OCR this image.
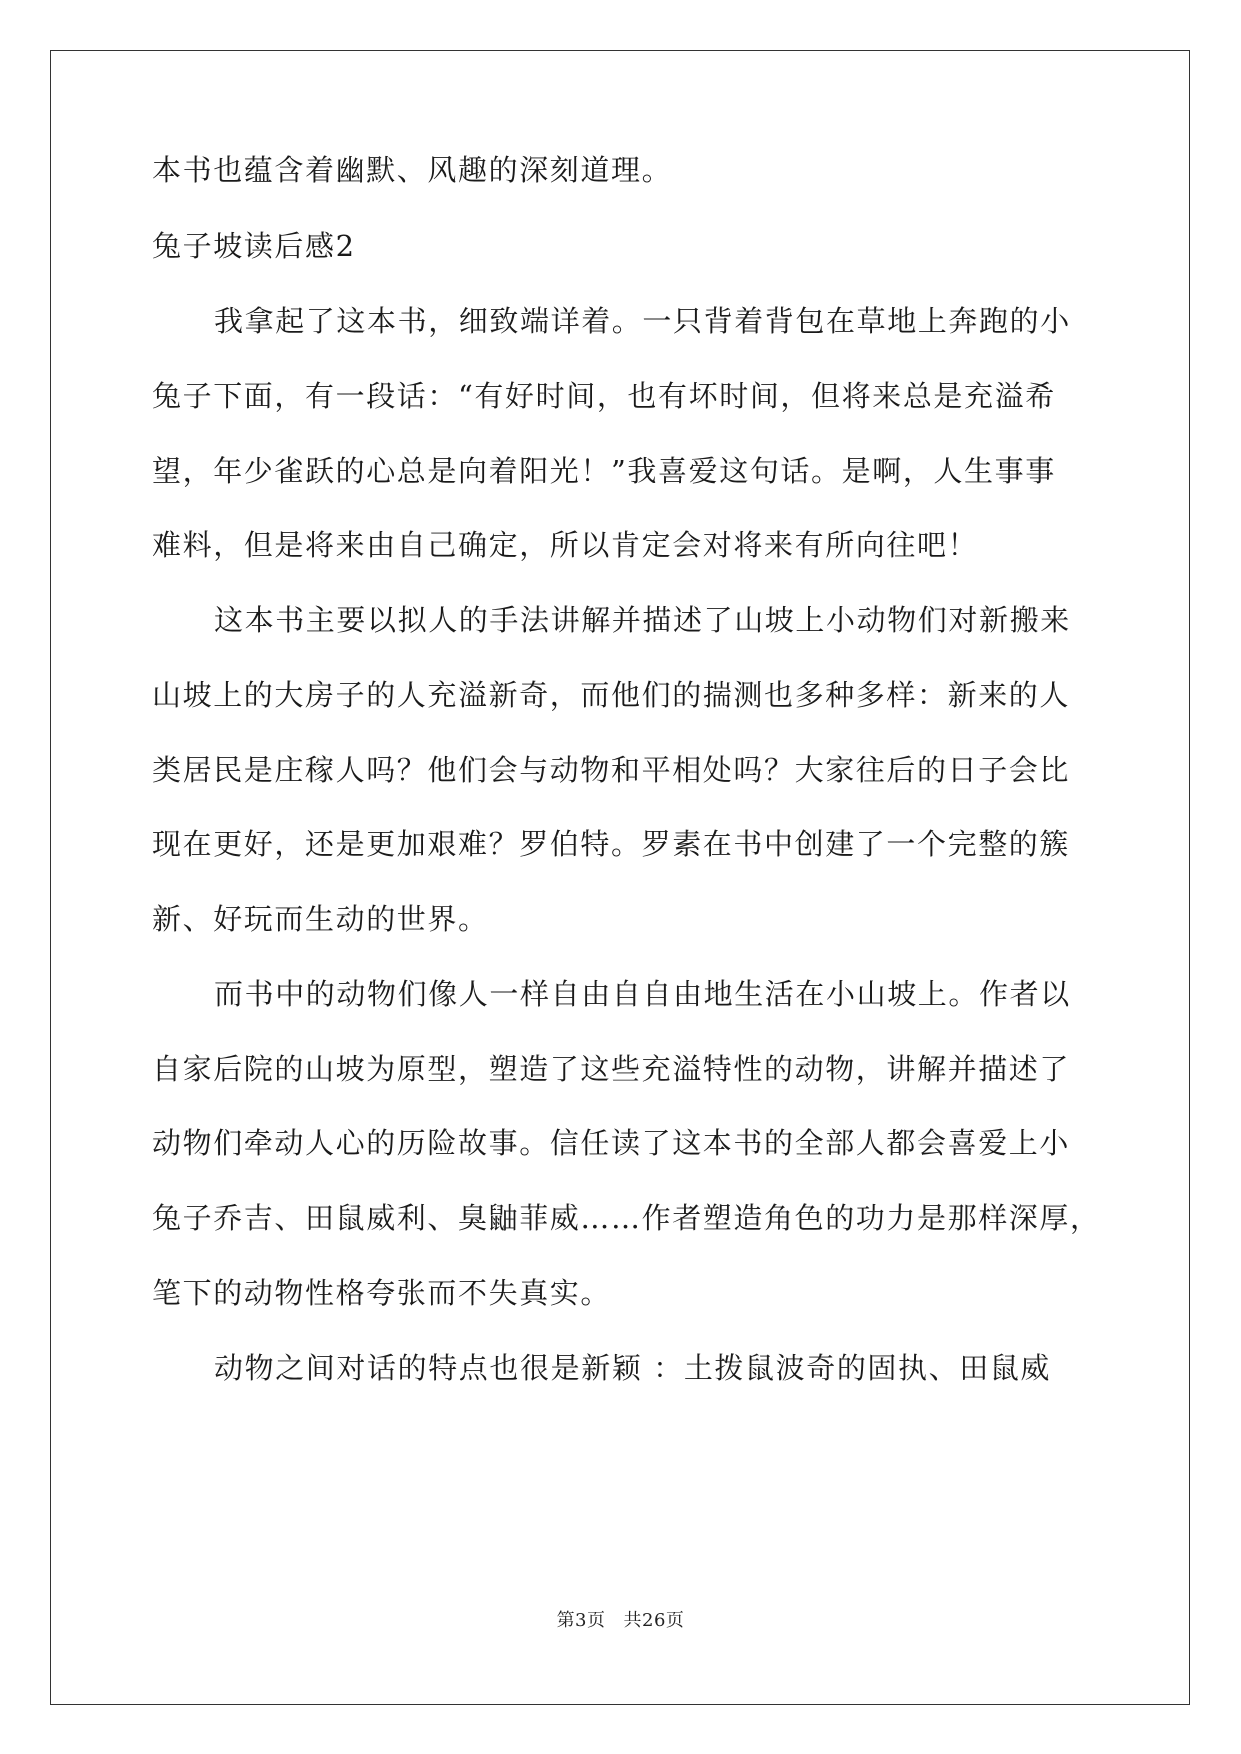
本书也蕴含着幽默、风趣的深刻道理。
兔子坡读后感2
我拿起了这本书，细致端详着。一只背着背包在草地上奔跑的小
兔子下面，有一段话：“有好时间，也有坏时间，但将来总是充溢希
望，年少雀跃的心总是向着阳光！”我喜爱这句话。是啊，人生事事
难料，但是将来由自己确定，所以肯定会对将来有所向往吧！
这本书主要以拟人的手法讲解并描述了山坡上小动物们对新搬来
山坡上的大房子的人充溢新奇，而他们的揣测也多种多样：新来的人
类居民是庄稼人吗？他们会与动物和平相处吗？大家往后的日子会比
现在更好，还是更加艰难？罗伯特。罗素在书中创建了一个完整的簇
新、好玩而生动的世界。
而书中的动物们像人一样自由自自由地生活在小山坡上。作者以
自家后院的山坡为原型，塑造了这些充溢特性的动物，讲解并描述了
动物们牵动人心的历险故事。信任读了这本书的全部人都会喜爱上小
兔子乔吉、田鼠威利、臭鼬菲威……作者塑造角色的功力是那样深厚，
笔下的动物性格夸张而不失真实。
动物之间对话的特点也很是新颖 ：土拨鼠波奇的固执、田鼠威
第3页 共26页
